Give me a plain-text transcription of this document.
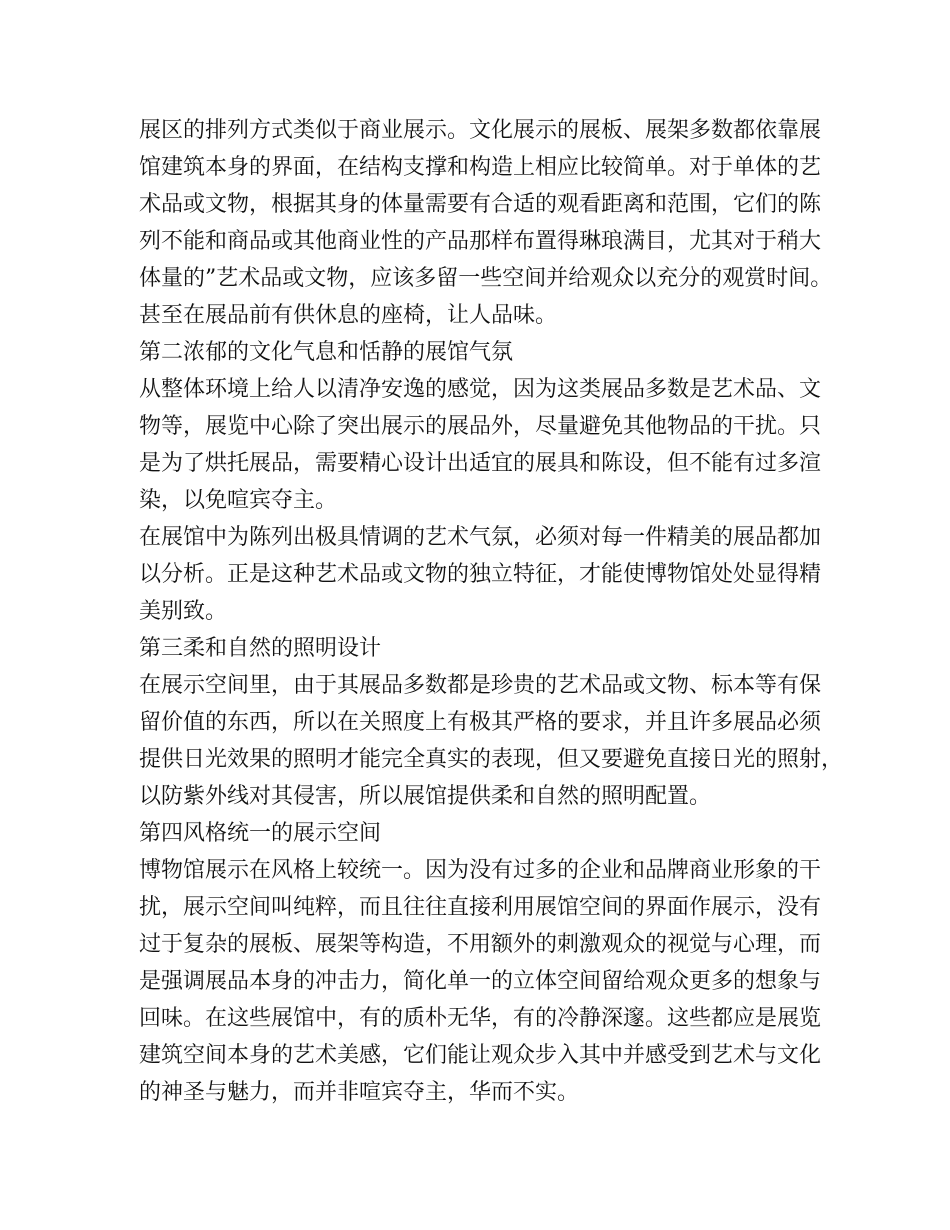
展区的排列方式类似于商业展示。文化展示的展板、展架多数都依靠展
馆建筑本身的界面，在结构支撑和构造上相应比较简单。对于单体的艺
术品或文物，根据其身的体量需要有合适的观看距离和范围，它们的陈
列不能和商品或其他商业性的产品那样布置得琳琅满目，尤其对于稍大
体量的”艺术品或文物，应该多留一些空间并给观众以充分的观赏时间。
甚至在展品前有供休息的座椅，让人品味。
第二浓郁的文化气息和恬静的展馆气氛
从整体环境上给人以清净安逸的感觉，因为这类展品多数是艺术品、文
物等，展览中心除了突出展示的展品外，尽量避免其他物品的干扰。只
是为了烘托展品，需要精心设计出适宜的展具和陈设，但不能有过多渲
染，以免喧宾夺主。
在展馆中为陈列出极具情调的艺术气氛，必须对每一件精美的展品都加
以分析。正是这种艺术品或文物的独立特征，才能使博物馆处处显得精
美别致。
第三柔和自然的照明设计
在展示空间里，由于其展品多数都是珍贵的艺术品或文物、标本等有保
留价值的东西，所以在关照度上有极其严格的要求，并且许多展品必须
提供日光效果的照明才能完全真实的表现，但又要避免直接日光的照射，
以防紫外线对其侵害，所以展馆提供柔和自然的照明配置。
第四风格统一的展示空间
博物馆展示在风格上较统一。因为没有过多的企业和品牌商业形象的干
扰，展示空间叫纯粹，而且往往直接利用展馆空间的界面作展示，没有
过于复杂的展板、展架等构造，不用额外的刺激观众的视觉与心理，而
是强调展品本身的冲击力，简化单一的立体空间留给观众更多的想象与
回味。在这些展馆中，有的质朴无华，有的冷静深邃。这些都应是展览
建筑空间本身的艺术美感，它们能让观众步入其中并感受到艺术与文化
的神圣与魅力，而并非喧宾夺主，华而不实。
